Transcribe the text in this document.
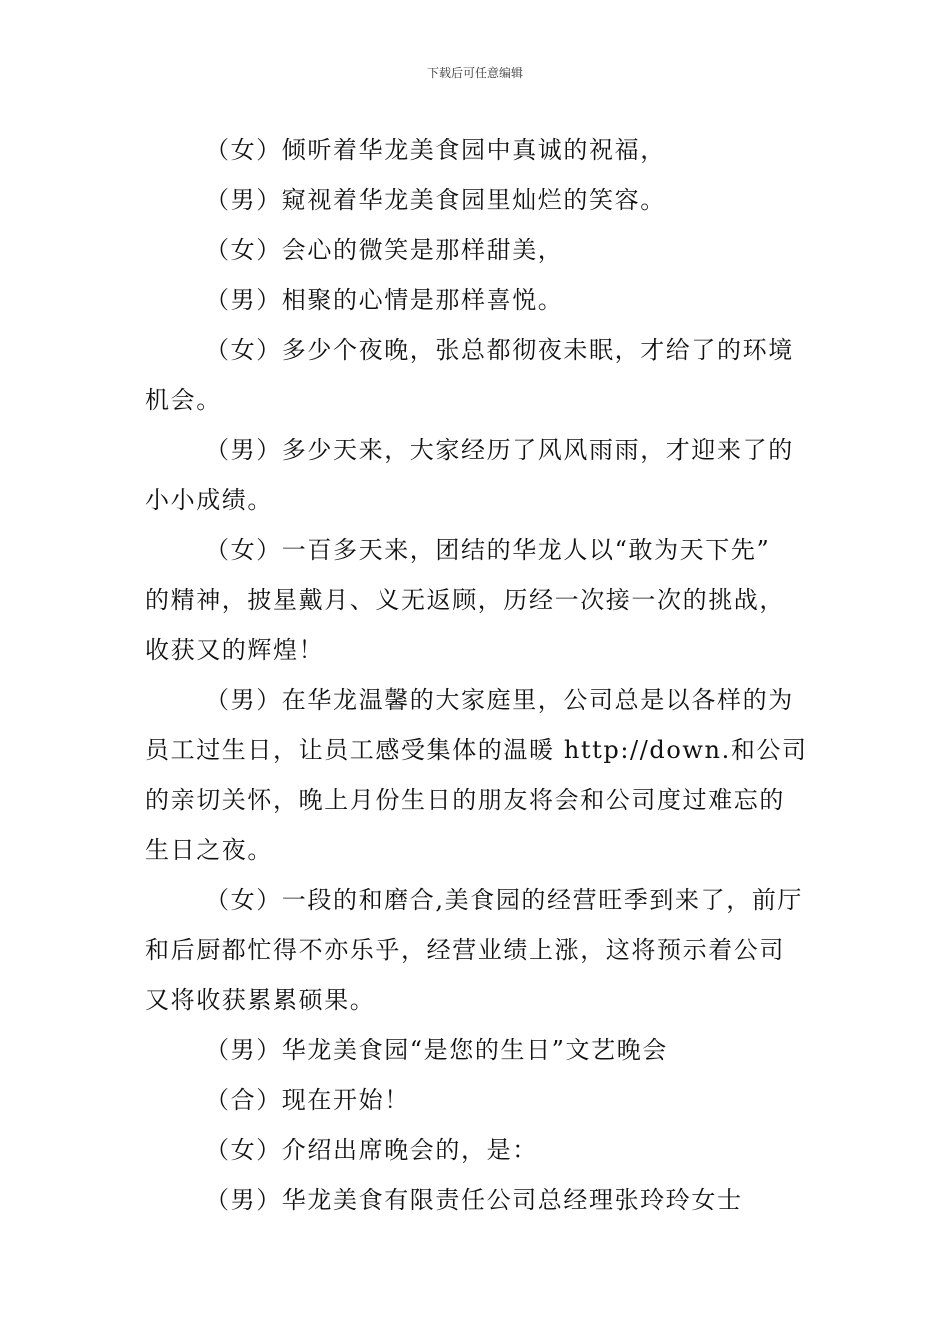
下载后可任意编辑

（女）倾听着华龙美食园中真诚的祝福，

（男）窥视着华龙美食园里灿烂的笑容。

（女）会心的微笑是那样甜美，

（男）相聚的心情是那样喜悦。

（女）多少个夜晚，张总都彻夜未眠，才给了的环境
机会。

（男）多少天来，大家经历了风风雨雨，才迎来了的
小小成绩。

（女）一百多天来，团结的华龙人以“敢为天下先”
的精神，披星戴月、义无返顾，历经一次接一次的挑战，
收获又的辉煌！

（男）在华龙温馨的大家庭里，公司总是以各样的为
员工过生日，让员工感受集体的温暖 http://down.和公司
的亲切关怀，晚上月份生日的朋友将会和公司度过难忘的
生日之夜。

（女）一段的和磨合,美食园的经营旺季到来了，前厅
和后厨都忙得不亦乐乎，经营业绩上涨，这将预示着公司
又将收获累累硕果。

（男）华龙美食园“是您的生日”文艺晚会

（合）现在开始！

（女）介绍出席晚会的，是：

（男）华龙美食有限责任公司总经理张玲玲女士
